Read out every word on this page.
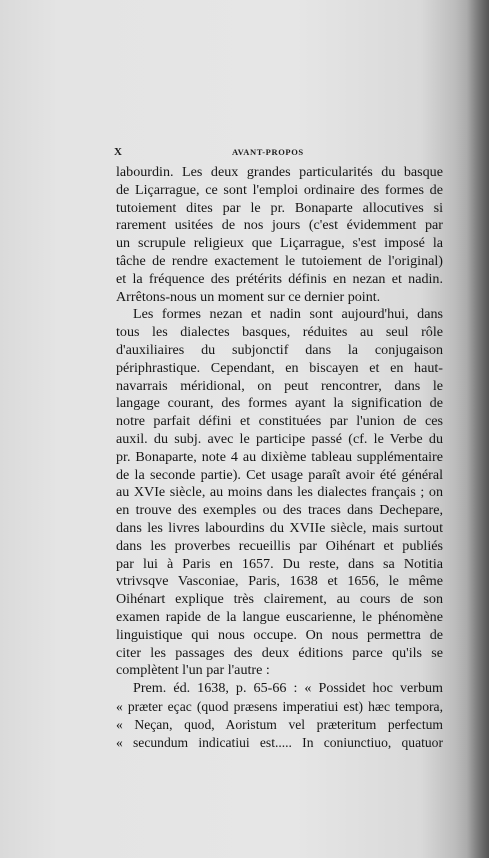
X	AVANT-PROPOS
labourdin. Les deux grandes particularités du basque
de Liçarrague, ce sont l'emploi ordinaire des formes de
tutoiement dites par le pr. Bonaparte allocutives si
rarement usitées de nos jours (c'est évidemment par
un scrupule religieux que Liçarrague, s'est imposé la
tâche de rendre exactement le tutoiement de l'original)
et la fréquence des prétérits définis en nezan et nadin.
Arrêtons-nous un moment sur ce dernier point.
Les formes nezan et nadin sont aujourd'hui, dans
tous les dialectes basques, réduites au seul rôle
d'auxiliaires du subjonctif dans la conjugaison
périphrastique. Cependant, en biscayen et en haut-
navarrais méridional, on peut rencontrer, dans le
langage courant, des formes ayant la signification de
notre parfait défini et constituées par l'union de ces
auxil. du subj. avec le participe passé (cf. le Verbe du
pr. Bonaparte, note 4 au dixième tableau supplémentaire
de la seconde partie). Cet usage paraît avoir été général
au XVIe siècle, au moins dans les dialectes français ; on
en trouve des exemples ou des traces dans Dechepare,
dans les livres labourdins du XVIIe siècle, mais surtout
dans les proverbes recueillis par Oihénart et publiés
par lui à Paris en 1657. Du reste, dans sa Notitia
vtrivsqve Vasconiae, Paris, 1638 et 1656, le même
Oihénart explique très clairement, au cours de son
examen rapide de la langue euscarienne, le phénomène
linguistique qui nous occupe. On nous permettra de
citer les passages des deux éditions parce qu'ils se
complètent l'un par l'autre :
Prem. éd. 1638, p. 65-66 : « Possidet hoc verbum
« præter eçac (quod præsens imperatiui est) hæc tempora,
« Neçan, quod, Aoristum vel præteritum perfectum
« secundum indicatiui est..... In coniunctiuo, quatuor
